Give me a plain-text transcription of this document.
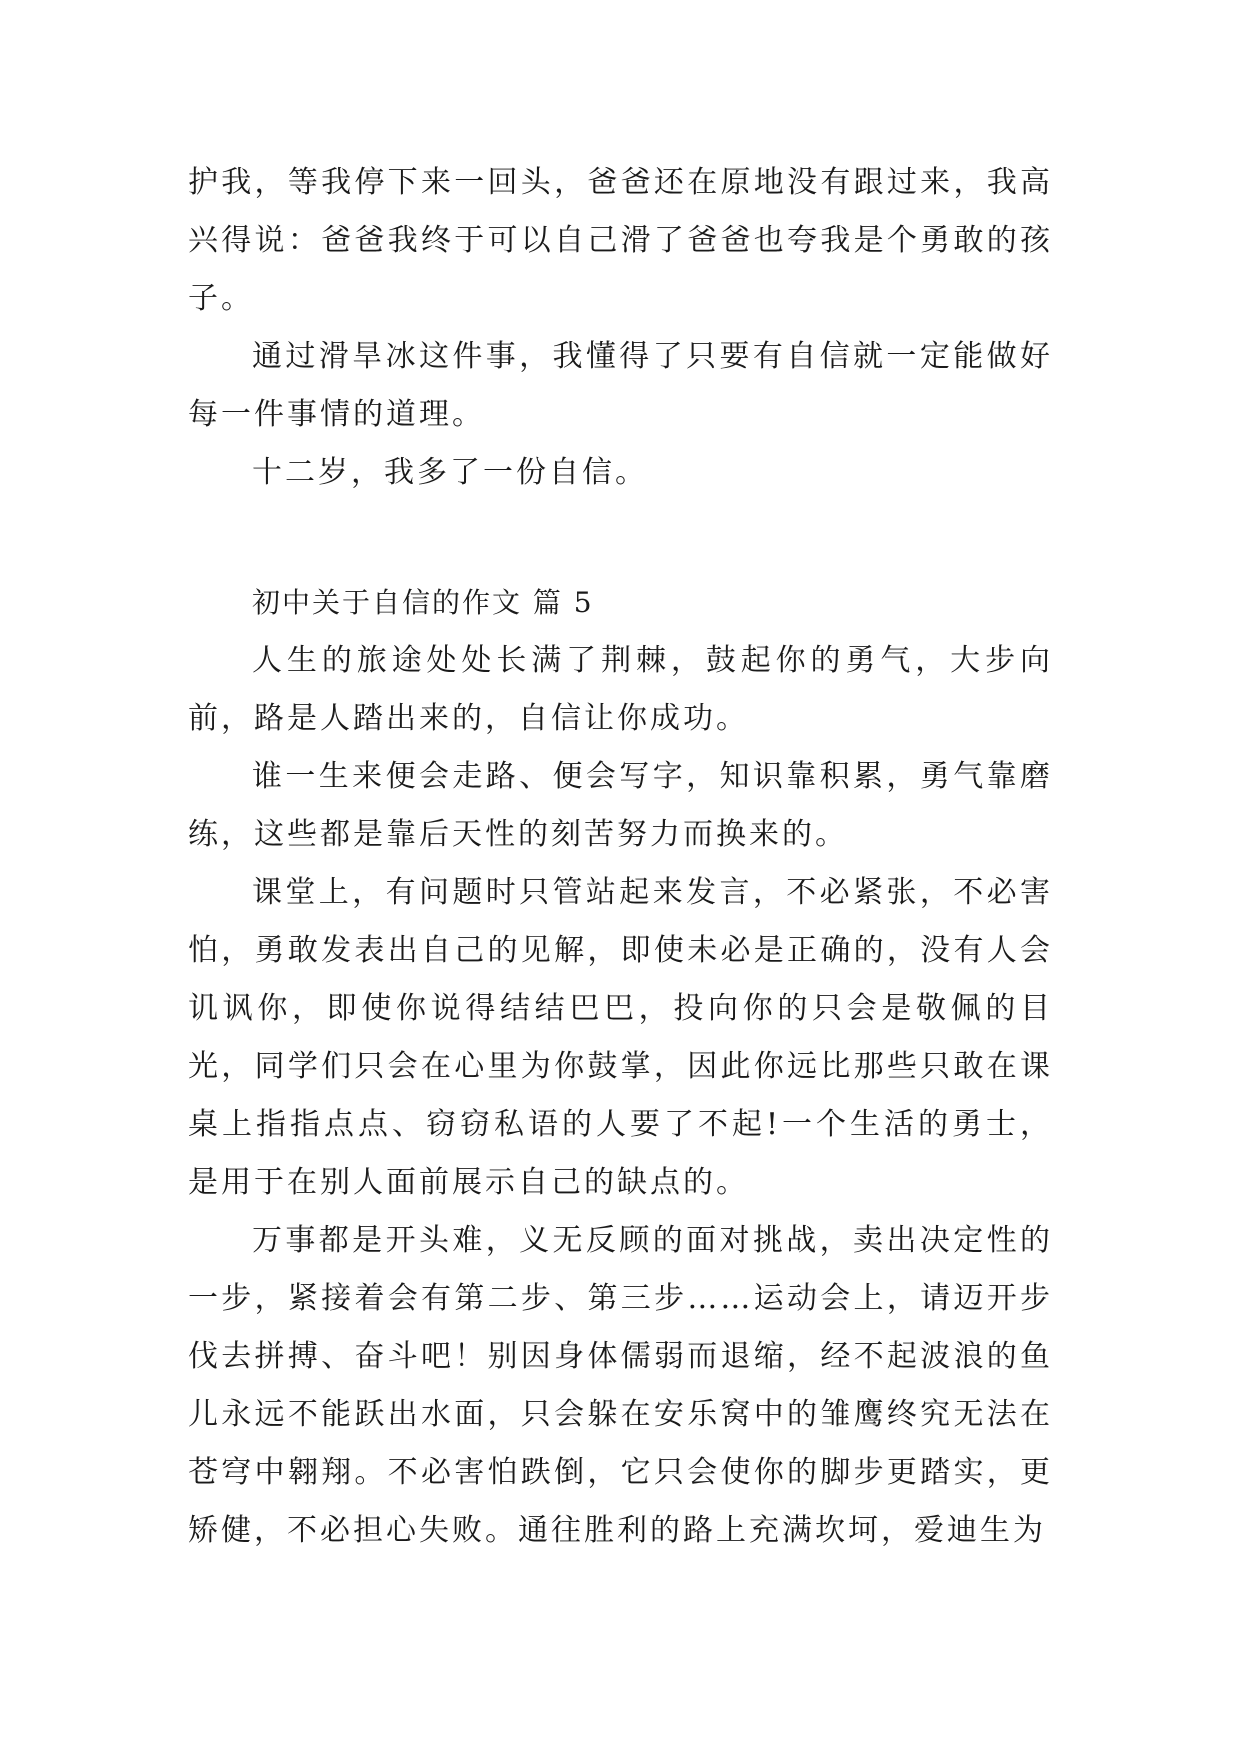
护我，等我停下来一回头，爸爸还在原地没有跟过来，我高兴得说：爸爸我终于可以自己滑了爸爸也夸我是个勇敢的孩子。

通过滑旱冰这件事，我懂得了只要有自信就一定能做好每一件事情的道理。

十二岁，我多了一份自信。

初中关于自信的作文 篇 5

人生的旅途处处长满了荆棘，鼓起你的勇气，大步向前，路是人踏出来的，自信让你成功。

谁一生来便会走路、便会写字，知识靠积累，勇气靠磨练，这些都是靠后天性的刻苦努力而换来的。

课堂上，有问题时只管站起来发言，不必紧张，不必害怕，勇敢发表出自己的见解，即使未必是正确的，没有人会讥讽你，即使你说得结结巴巴，投向你的只会是敬佩的目光，同学们只会在心里为你鼓掌，因此你远比那些只敢在课桌上指指点点、窃窃私语的人要了不起!一个生活的勇士，是用于在别人面前展示自己的缺点的。

万事都是开头难，义无反顾的面对挑战，卖出决定性的一步，紧接着会有第二步、第三步……运动会上，请迈开步伐去拼搏、奋斗吧！别因身体儒弱而退缩，经不起波浪的鱼儿永远不能跃出水面，只会躲在安乐窝中的雏鹰终究无法在苍穹中翱翔。不必害怕跌倒，它只会使你的脚步更踏实，更矫健，不必担心失败。通往胜利的路上充满坎坷，爱迪生为
